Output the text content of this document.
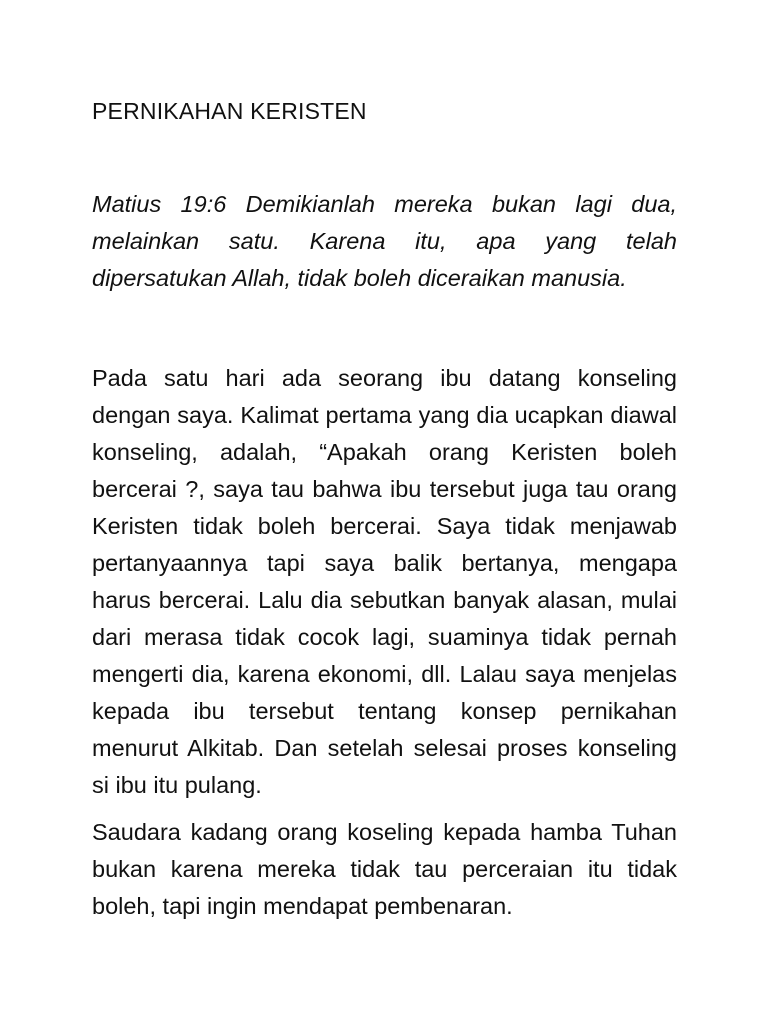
PERNIKAHAN KERISTEN

Matius 19:6 Demikianlah mereka bukan lagi dua, melainkan satu. Karena itu, apa yang telah dipersatukan Allah, tidak boleh diceraikan manusia.

Pada satu hari ada seorang ibu datang konseling dengan saya. Kalimat pertama yang dia ucapkan diawal konseling, adalah, “Apakah orang Keristen boleh bercerai ?, saya tau bahwa ibu tersebut juga tau orang Keristen tidak boleh bercerai. Saya tidak menjawab pertanyaannya tapi saya balik bertanya, mengapa harus bercerai. Lalu dia sebutkan banyak alasan, mulai dari merasa tidak cocok lagi, suaminya tidak pernah mengerti dia, karena ekonomi, dll. Lalau saya menjelas kepada ibu tersebut tentang konsep pernikahan menurut Alkitab. Dan setelah selesai proses konseling si ibu itu pulang.

Saudara kadang orang koseling kepada hamba Tuhan bukan karena mereka tidak tau perceraian itu tidak boleh, tapi ingin mendapat pembenaran.
